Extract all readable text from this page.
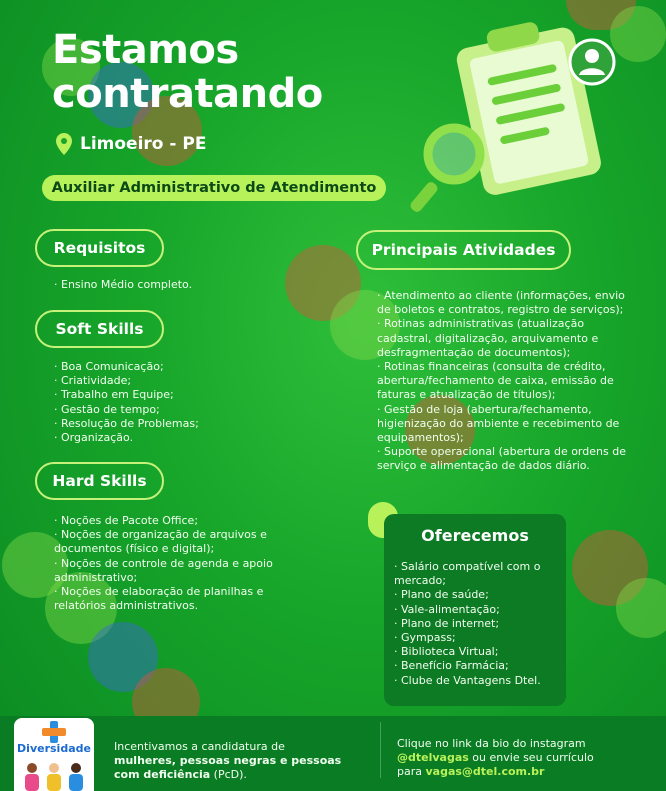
Estamos
contratando
Limoeiro - PE
Auxiliar Administrativo de Atendimento
Requisitos
· Ensino Médio completo.
Soft Skills
· Boa Comunicação;
· Criatividade;
· Trabalho em Equipe;
· Gestão de tempo;
· Resolução de Problemas;
· Organização.
Hard Skills
· Noções de Pacote Office;
· Noções de organização de arquivos e documentos (físico e digital);
· Noções de controle de agenda e apoio administrativo;
· Noções de elaboração de planilhas e relatórios administrativos.
Principais Atividades
· Atendimento ao cliente (informações, envio de boletos e contratos, registro de serviços);
· Rotinas administrativas (atualização cadastral, digitalização, arquivamento e desfragmentação de documentos);
· Rotinas financeiras (consulta de crédito, abertura/fechamento de caixa, emissão de faturas e atualização de títulos);
· Gestão de loja (abertura/fechamento, higienização do ambiente e recebimento de equipamentos);
· Suporte operacional (abertura de ordens de serviço e alimentação de dados diário.
Oferecemos
· Salário compatível com o mercado;
· Plano de saúde;
· Vale-alimentação;
· Plano de internet;
· Gympass;
· Biblioteca Virtual;
· Benefício Farmácia;
· Clube de Vantagens Dtel.
Diversidade Incentivamos a candidatura de
mulheres, pessoas negras e pessoas
com deficiência (PcD).
Clique no link da bio do instagram
@dtelvagas ou envie seu currículo
para vagas@dtel.com.br
